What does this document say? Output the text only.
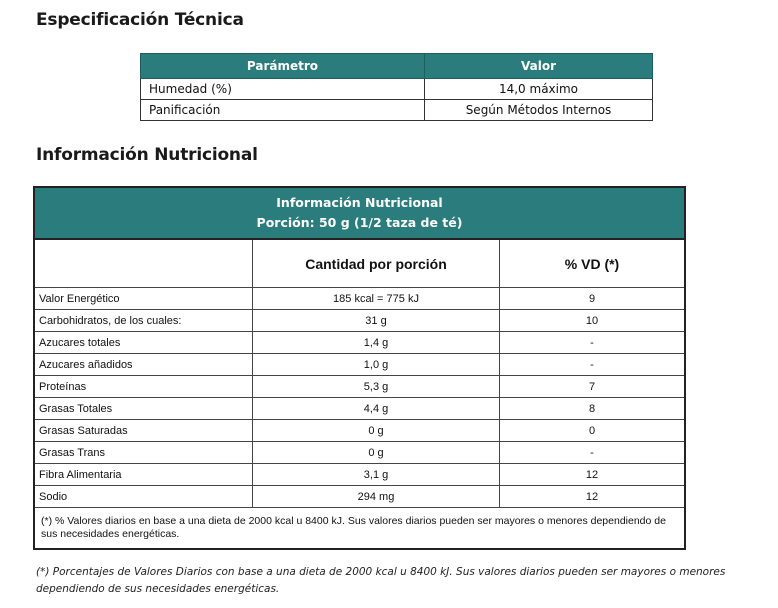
Especificación Técnica
Parámetro	Valor
Humedad (%)	14,0 máximo
Panificación	Según Métodos Internos
Información Nutricional
Información Nutricional
Porción: 50 g (1/2 taza de té)		

	Cantidad por porción	% VD (*)
Valor Energético	185 kcal = 775 kJ	9
Carbohidratos, de los cuales:	31 g	10
Azucares totales	1,4 g	-
Azucares añadidos	1,0 g	-
Proteínas	5,3 g	7
Grasas Totales	4,4 g	8
Grasas Saturadas	0 g	0
Grasas Trans	0 g	-
Fibra Alimentaria	3,1 g	12
Sodio	294 mg	12
(*) % Valores diarios en base a una dieta de 2000 kcal u 8400 kJ. Sus valores diarios pueden ser mayores o menores dependiendo de sus necesidades energéticas.		
(*) Porcentajes de Valores Diarios con base a una dieta de 2000 kcal u 8400 kJ. Sus valores diarios pueden ser mayores o menores dependiendo de sus necesidades energéticas.
